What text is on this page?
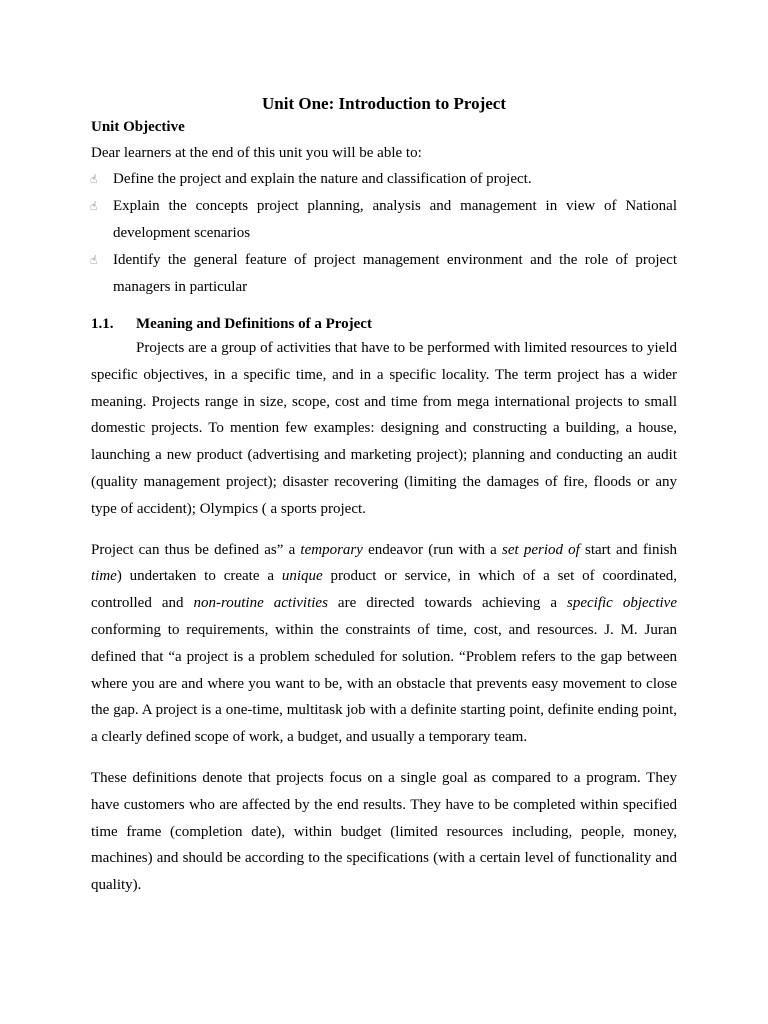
Unit One: Introduction to Project

Unit Objective

Dear learners at the end of this unit you will be able to:

☝	Define the project and explain the nature and classification of project.
☝	Explain the concepts project planning, analysis and management in view of National development scenarios
☝	Identify the general feature of project management environment and the role of project managers in particular
1.1.	Meaning and Definitions of a Project

Projects are a group of activities that have to be performed with limited resources to yield specific objectives, in a specific time, and in a specific locality. The term project has a wider meaning. Projects range in size, scope, cost and time from mega international projects to small domestic projects. To mention few examples: designing and constructing a building, a house, launching a new product (advertising and marketing project); planning and conducting an audit (quality management project); disaster recovering (limiting the damages of fire, floods or any type of accident); Olympics ( a sports project.

Project can thus be defined as” a temporary endeavor (run with a set period of start and finish time) undertaken to create a unique product or service, in which of a set of coordinated, controlled and non-routine activities are directed towards achieving a specific objective conforming to requirements, within the constraints of time, cost, and resources. J. M. Juran defined that “a project is a problem scheduled for solution. “Problem refers to the gap between where you are and where you want to be, with an obstacle that prevents easy movement to close the gap. A project is a one-time, multitask job with a definite starting point, definite ending point, a clearly defined scope of work, a budget, and usually a temporary team.

These definitions denote that projects focus on a single goal as compared to a program. They have customers who are affected by the end results. They have to be completed within specified time frame (completion date), within budget (limited resources including, people, money, machines) and should be according to the specifications (with a certain level of functionality and quality).
